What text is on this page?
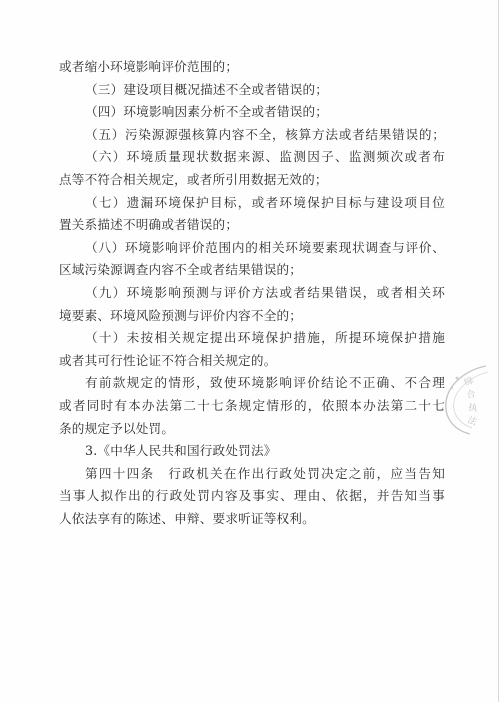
或者缩小环境影响评价范围的；
（三）建设项目概况描述不全或者错误的；
（四）环境影响因素分析不全或者错误的；
（五）污染源源强核算内容不全，核算方法或者结果错误的；
（六）环境质量现状数据来源、监测因子、监测频次或者布
点等不符合相关规定，或者所引用数据无效的；
（七）遗漏环境保护目标，或者环境保护目标与建设项目位
置关系描述不明确或者错误的；
（八）环境影响评价范围内的相关环境要素现状调查与评价、
区域污染源调查内容不全或者结果错误的；
（九）环境影响预测与评价方法或者结果错误，或者相关环
境要素、环境风险预测与评价内容不全的；
（十）未按相关规定提出环境保护措施，所提环境保护措施
或者其可行性论证不符合相关规定的。
有前款规定的情形，致使环境影响评价结论不正确、不合理
或者同时有本办法第二十七条规定情形的，依照本办法第二十七
条的规定予以处罚。
3.《中华人民共和国行政处罚法》
第四十四条　行政机关在作出行政处罚决定之前，应当告知
当事人拟作出的行政处罚内容及事实、理由、依据，并告知当事
人依法享有的陈述、申辩、要求听证等权利。
综
合
执
法
